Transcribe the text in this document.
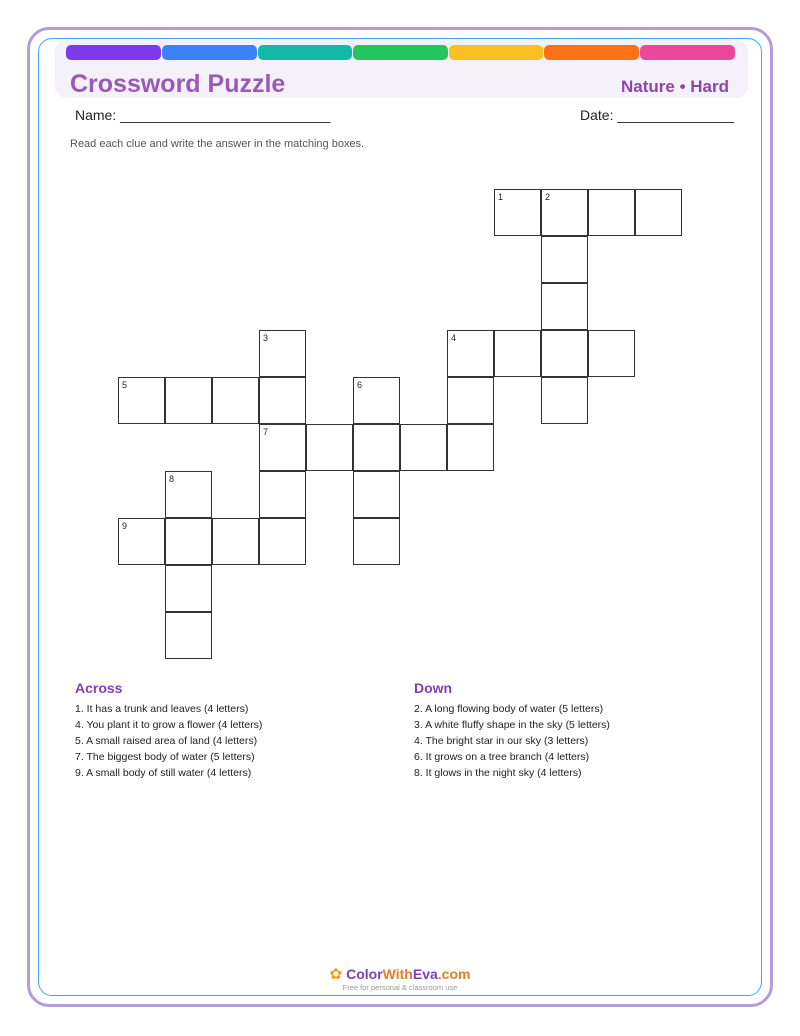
Crossword Puzzle	Nature • Hard
Name: ___________________________	Date: _______________
Read each clue and write the answer in the matching boxes.
1	2
3	4
5	6
7
8
9
Across
1. It has a trunk and leaves (4 letters)
4. You plant it to grow a flower (4 letters)
5. A small raised area of land (4 letters)
7. The biggest body of water (5 letters)
9. A small body of still water (4 letters)
Down
2. A long flowing body of water (5 letters)
3. A white fluffy shape in the sky (5 letters)
4. The bright star in our sky (3 letters)
6. It grows on a tree branch (4 letters)
8. It glows in the night sky (4 letters)
✿ ColorWithEva.com
Free for personal & classroom use
